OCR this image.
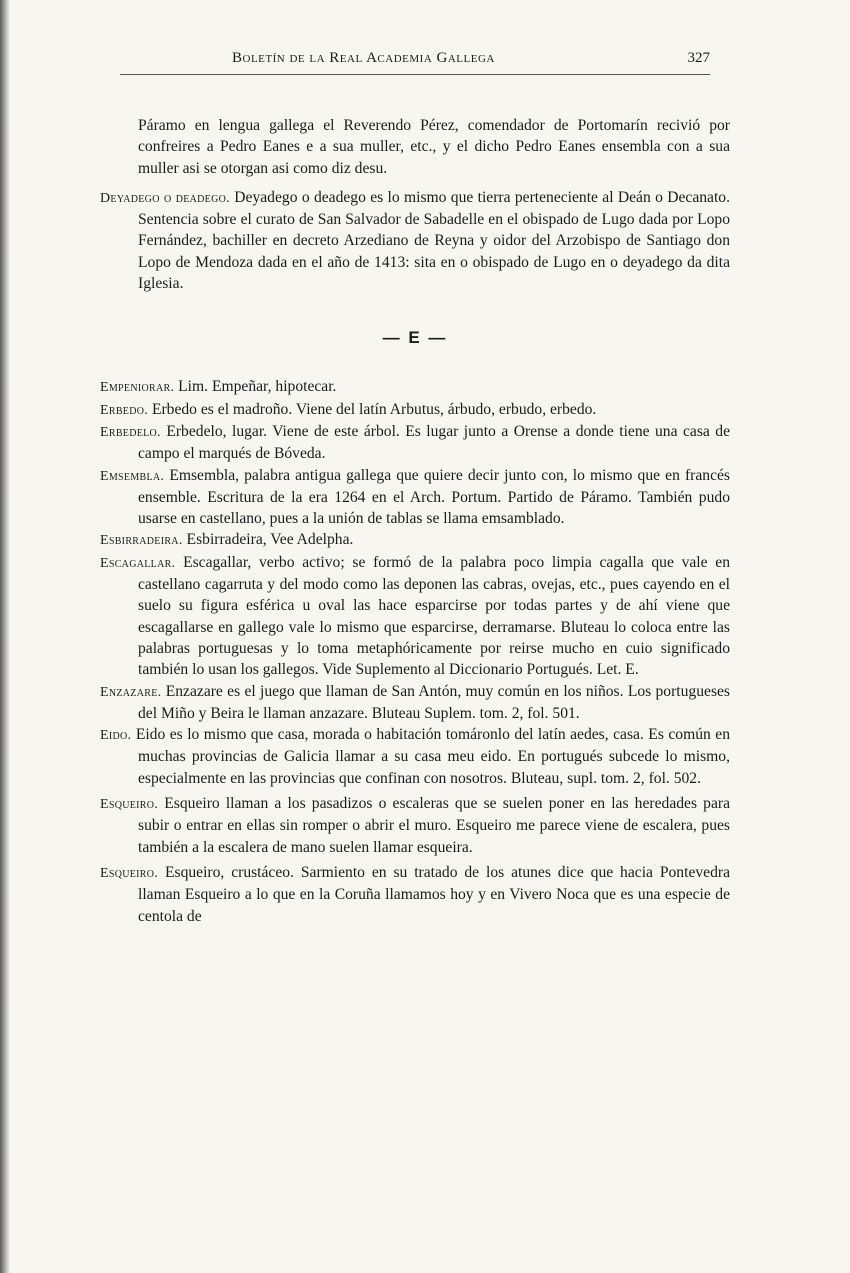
Boletín de la Real Academia Gallega	327

Páramo en lengua gallega el Reverendo Pérez, comendador de Portomarín recivió por confreires a Pedro Eanes e a sua muller, etc., y el dicho Pedro Eanes ensembla con a sua muller asi se otorgan asi como diz desu.

Deyadego o deadego. Deyadego o deadego es lo mismo que tierra perteneciente al Deán o Decanato. Sentencia sobre el curato de San Salvador de Sabadelle en el obispado de Lugo dada por Lopo Fernández, bachiller en decreto Arzediano de Reyna y oidor del Arzobispo de Santiago don Lopo de Mendoza dada en el año de 1413: sita en o obispado de Lugo en o deyadego da dita Iglesia.

— E —

Empeniorar. Lim. Empeñar, hipotecar.

Erbedo. Erbedo es el madroño. Viene del latín Arbutus, árbudo, erbudo, erbedo.

Erbedelo. Erbedelo, lugar. Viene de este árbol. Es lugar junto a Orense a donde tiene una casa de campo el marqués de Bóveda.

Emsembla. Emsembla, palabra antigua gallega que quiere decir junto con, lo mismo que en francés ensemble. Escritura de la era 1264 en el Arch. Portum. Partido de Páramo. También pudo usarse en castellano, pues a la unión de tablas se llama emsamblado.

Esbirradeira. Esbirradeira, Vee Adelpha.

Escagallar. Escagallar, verbo activo; se formó de la palabra poco limpia cagalla que vale en castellano cagarruta y del modo como las deponen las cabras, ovejas, etc., pues cayendo en el suelo su figura esférica u oval las hace esparcirse por todas partes y de ahí viene que escagallarse en gallego vale lo mismo que esparcirse, derramarse. Bluteau lo coloca entre las palabras portuguesas y lo toma metaphóricamente por reirse mucho en cuio significado también lo usan los gallegos. Vide Suplemento al Diccionario Portugués. Let. E.

Enzazare. Enzazare es el juego que llaman de San Antón, muy común en los niños. Los portugueses del Miño y Beira le llaman anzazare. Bluteau Suplem. tom. 2, fol. 501.

Eido. Eido es lo mismo que casa, morada o habitación tomáronlo del latín aedes, casa. Es común en muchas provincias de Galicia llamar a su casa meu eido. En portugués subcede lo mismo, especialmente en las provincias que confinan con nosotros. Bluteau, supl. tom. 2, fol. 502.

Esqueiro. Esqueiro llaman a los pasadizos o escaleras que se suelen poner en las heredades para subir o entrar en ellas sin romper o abrir el muro. Esqueiro me parece viene de escalera, pues también a la escalera de mano suelen llamar esqueira.

Esqueiro. Esqueiro, crustáceo. Sarmiento en su tratado de los atunes dice que hacia Pontevedra llaman Esqueiro a lo que en la Coruña llamamos hoy y en Vivero Noca que es una especie de centola de
